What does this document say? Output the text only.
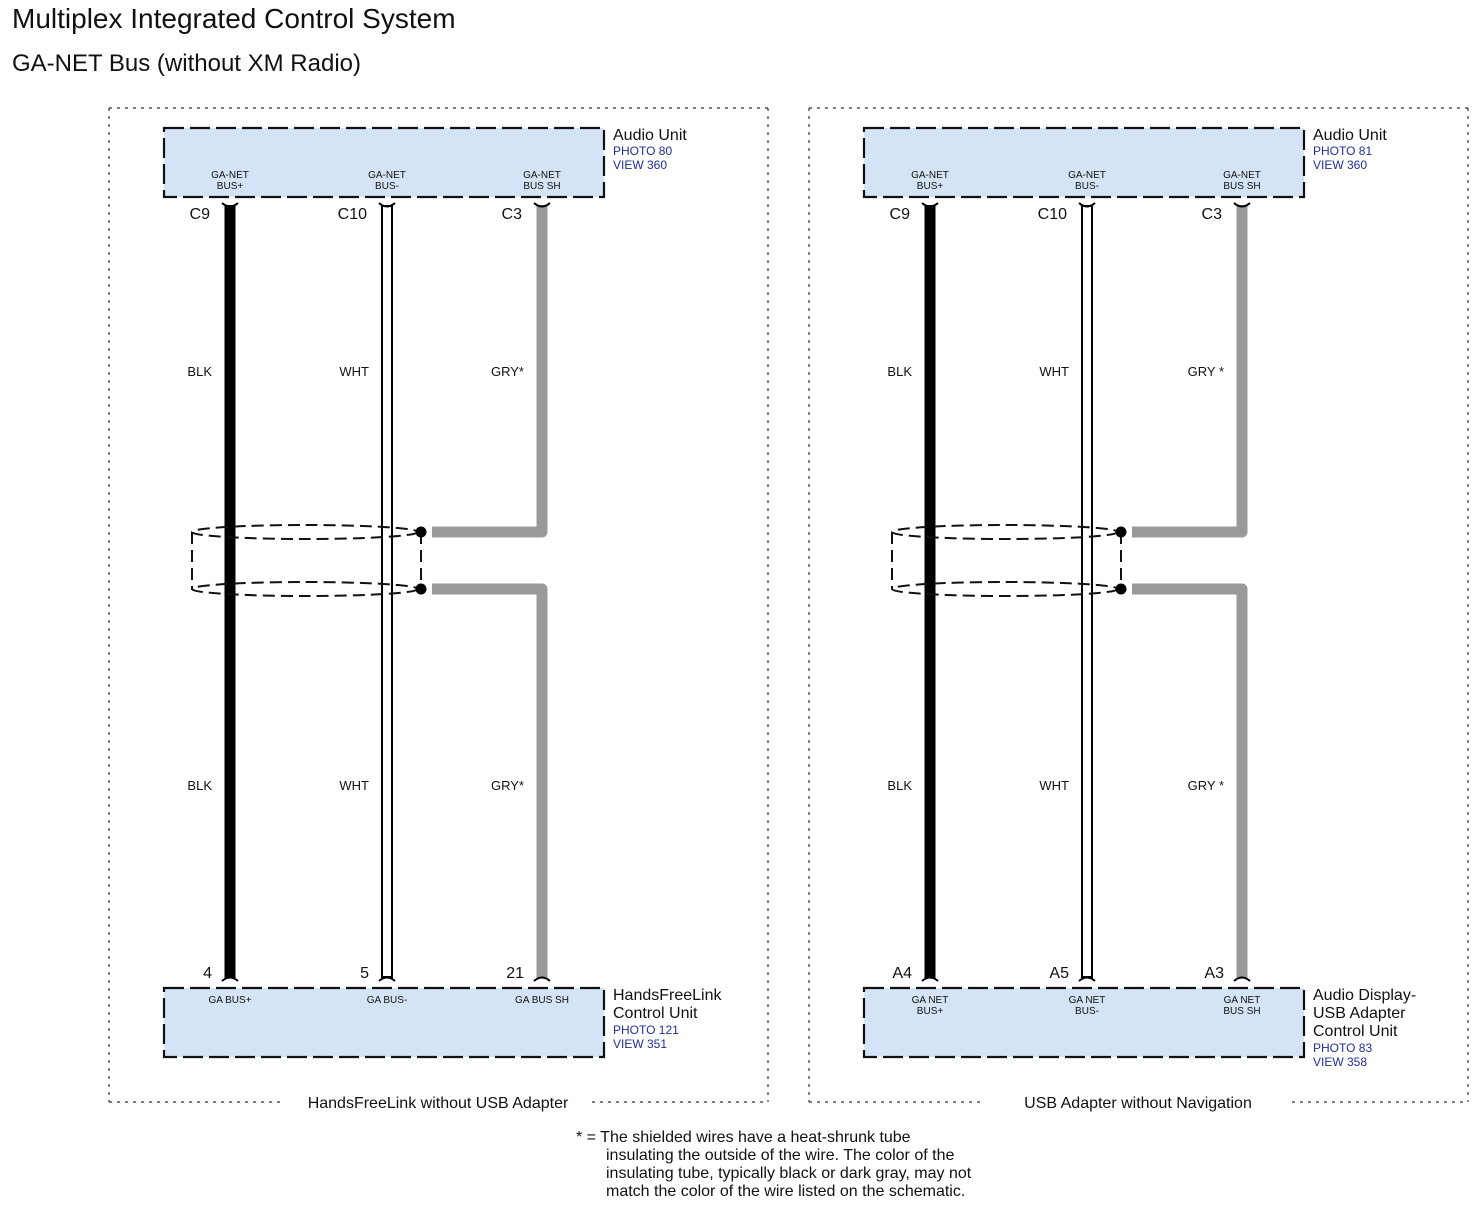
Multiplex Integrated Control System
GA-NET Bus (without XM Radio)
HandsFreeLink without USB Adapter
Audio Unit
PHOTO 80
VIEW 360
GA-NET
BUS+
C9
GA-NET
BUS-
C10
GA-NET
BUS SH
C3
HandsFreeLink
Control Unit
PHOTO 121
VIEW 351
GA BUS+
4
GA BUS-
5
GA BUS SH
21
BLK
BLK
WHT
WHT
GRY*
GRY*
USB Adapter without Navigation
Audio Unit
PHOTO 81
VIEW 360
GA-NET
BUS+
C9
GA-NET
BUS-
C10
GA-NET
BUS SH
C3
Audio Display-
USB Adapter
Control Unit
PHOTO 83
VIEW 358
GA NET
BUS+
A4
GA NET
BUS-
A5
GA NET
BUS SH
A3
BLK
BLK
WHT
WHT
GRY *
GRY *
* = The shielded wires have a heat-shrunk tube
insulating the outside of the wire. The color of the
insulating tube, typically black or dark gray, may not
match the color of the wire listed on the schematic.
